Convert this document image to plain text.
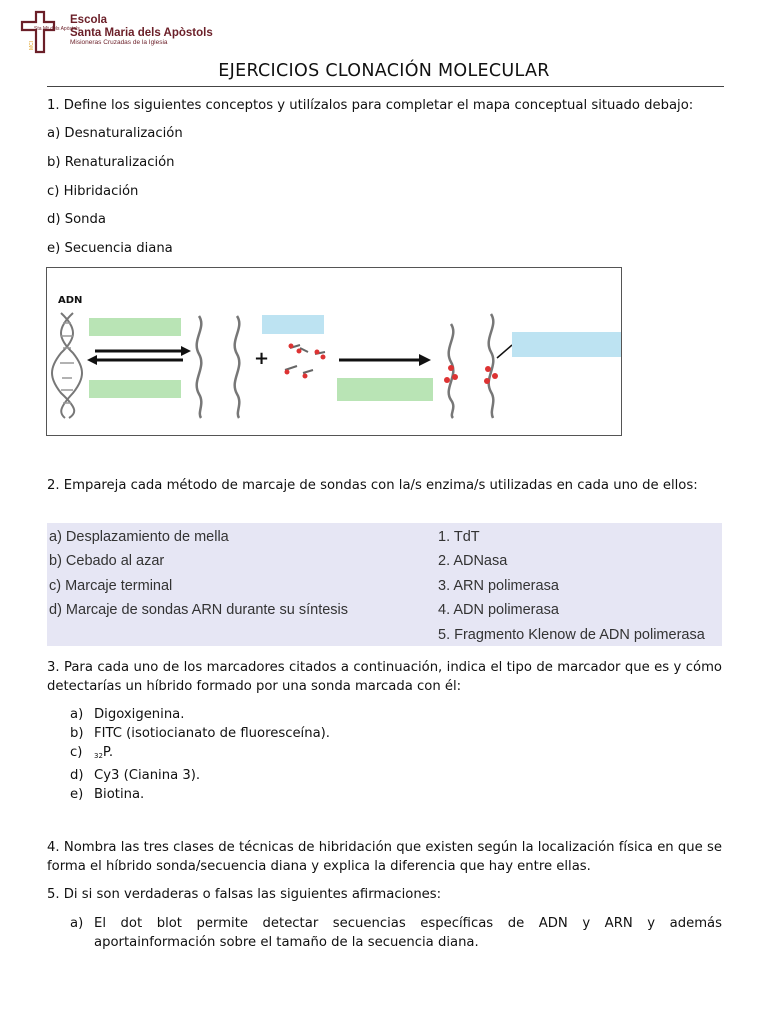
Sta Mª dels Apòstols
MCI
Escola
Santa Maria dels Apòstols
Misioneras Cruzadas de la Iglesia
EJERCICIOS CLONACIÓN MOLECULAR
1. Define los siguientes conceptos y utilízalos para completar el mapa conceptual situado debajo:
a) Desnaturalización
b) Renaturalización
c) Hibridación
d) Sonda
e) Secuencia diana
ADN
+
2. Empareja cada método de marcaje de sondas con la/s enzima/s utilizadas en cada uno de ellos:
a) Desplazamiento de mella
b) Cebado al azar
c) Marcaje terminal
d) Marcaje de sondas ARN durante su síntesis
1. TdT
2. ADNasa
3. ARN polimerasa
4. ADN polimerasa
5. Fragmento Klenow de ADN polimerasa
3. Para cada uno de los marcadores citados a continuación, indica el tipo de marcador que es y cómo detectarías un híbrido formado por una sonda marcada con él:
a) Digoxigenina.
b) FITC (isotiocianato de fluoresceína).
c) $_{32}$P.
d) Cy3 (Cianina 3).
e) Biotina.
4. Nombra las tres clases de técnicas de hibridación que existen según la localización física en que se forma el híbrido sonda/secuencia diana y explica la diferencia que hay entre ellas.
5. Di si son verdaderas o falsas las siguientes afirmaciones:
a) El dot blot permite detectar secuencias específicas de ADN y ARN y además aportainformación sobre el tamaño de la secuencia diana.
